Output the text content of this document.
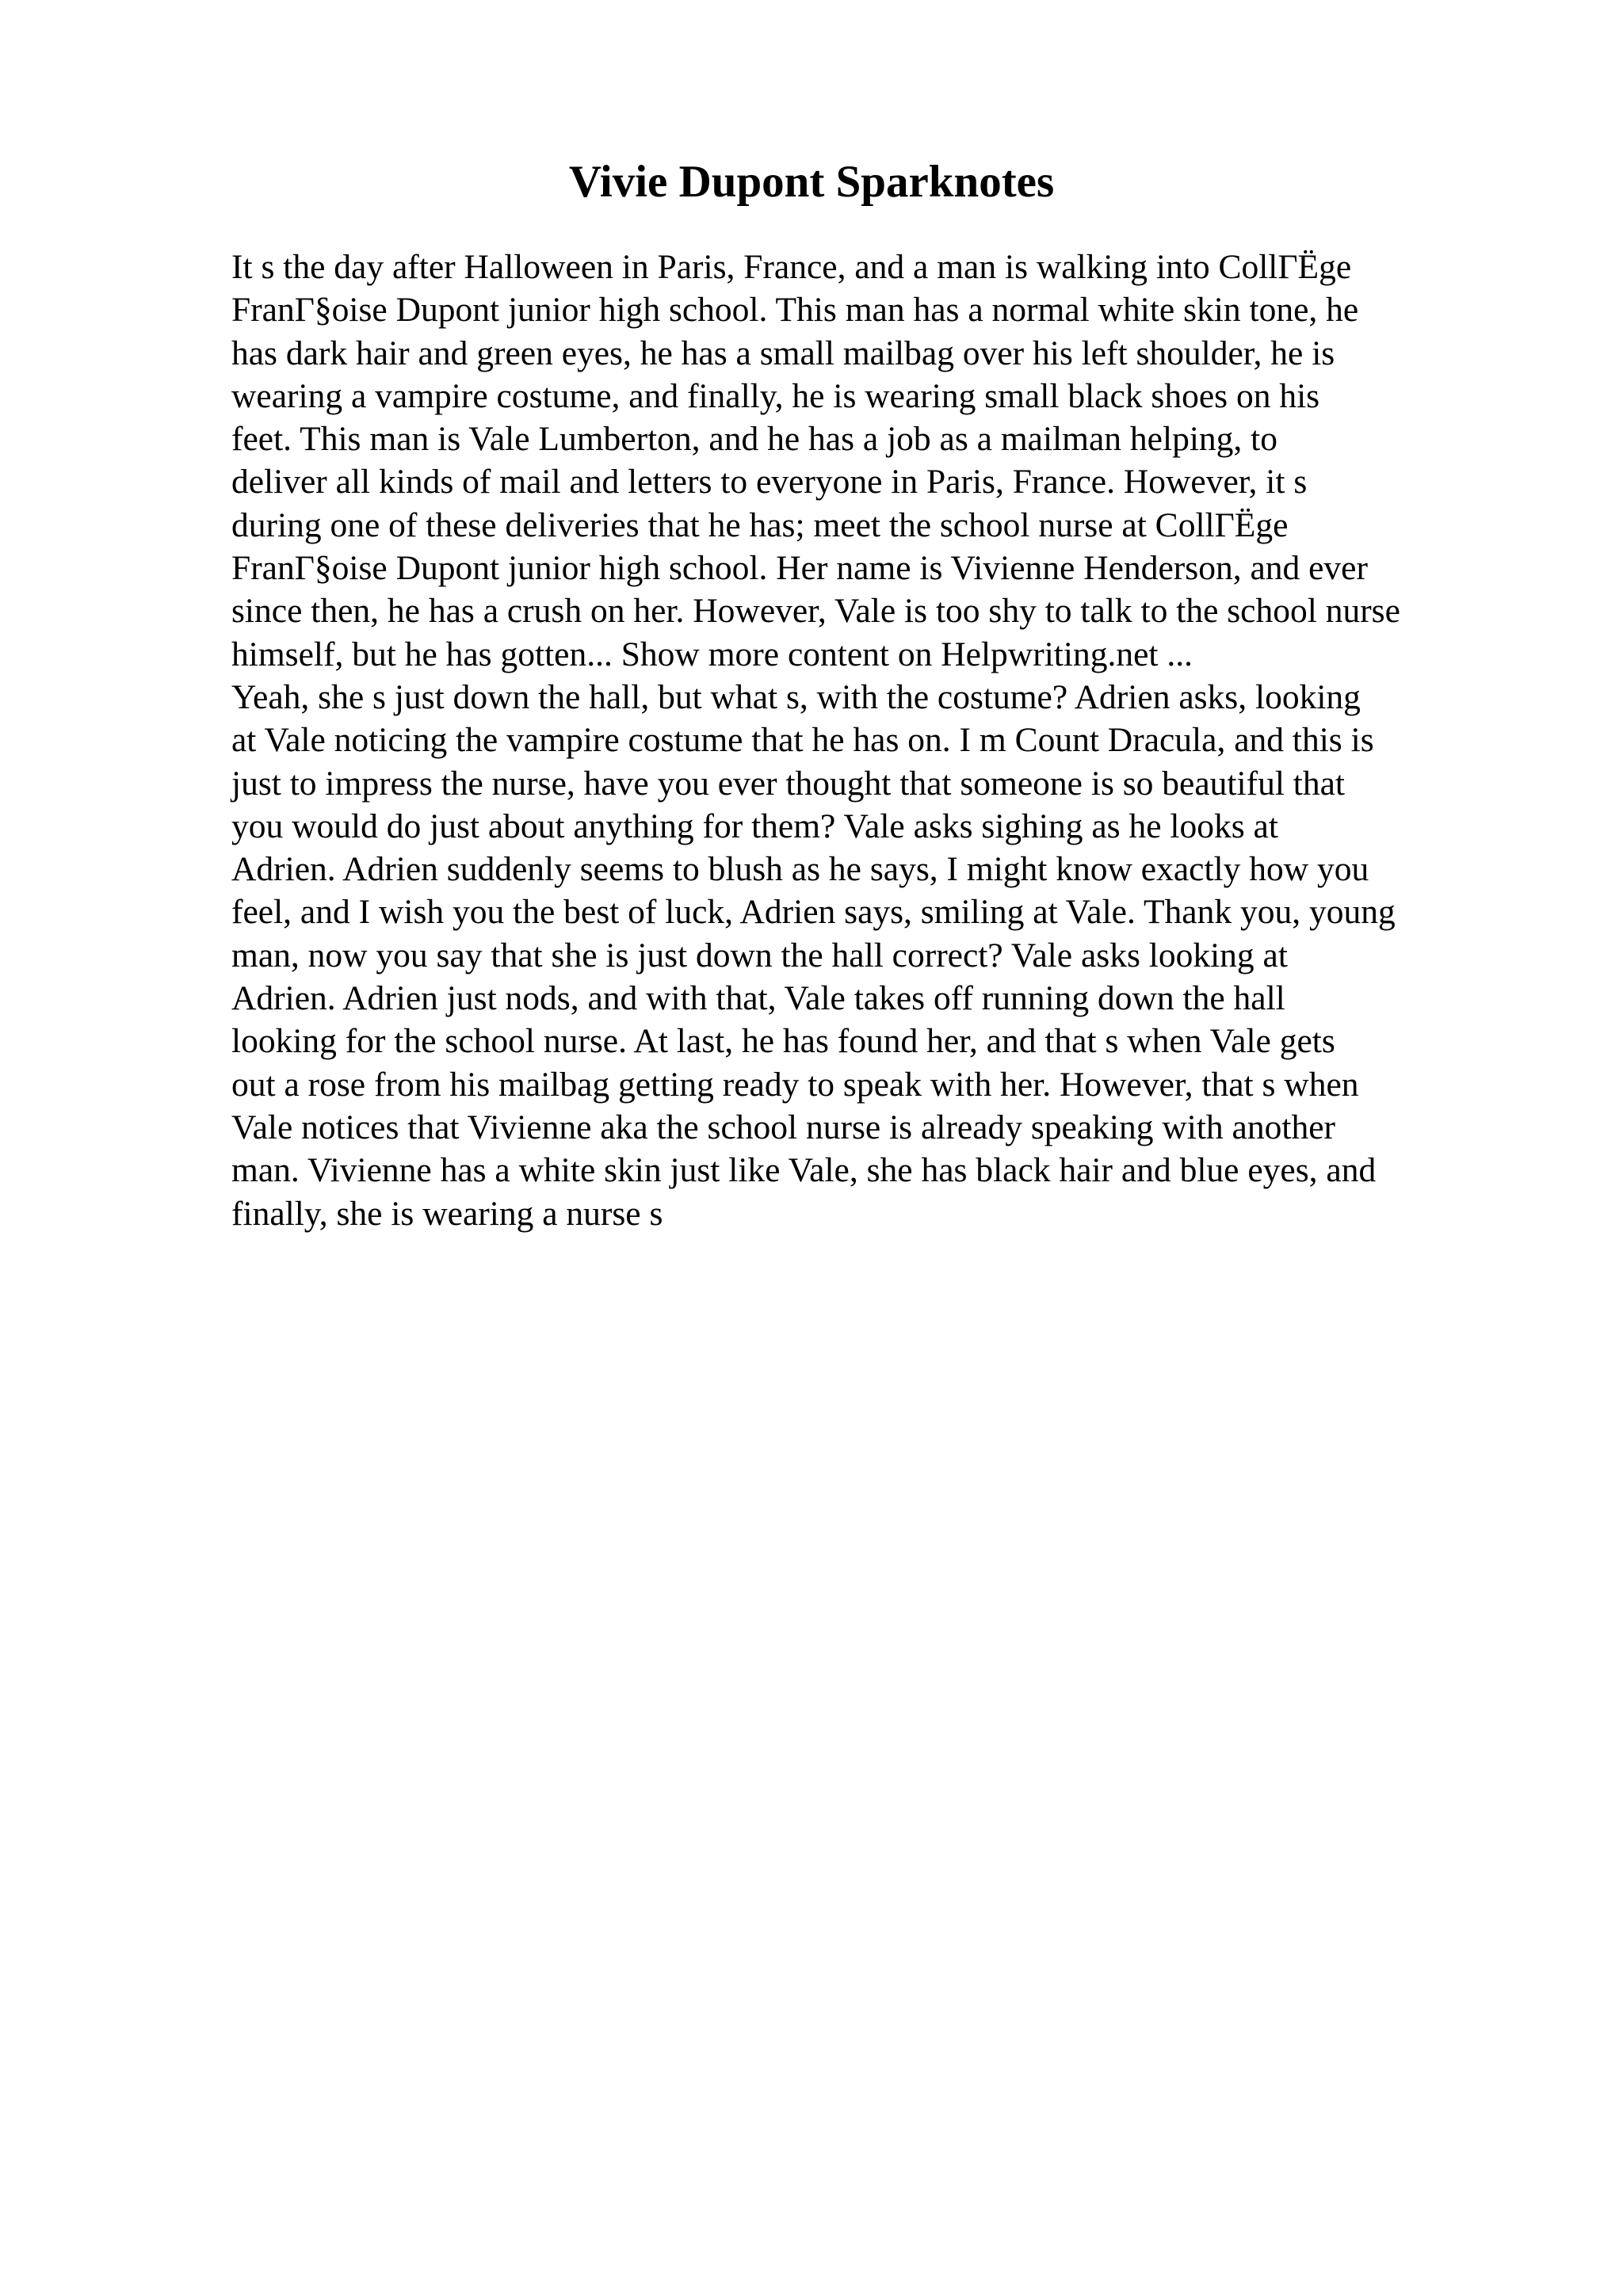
Vivie Dupont Sparknotes
It s the day after Halloween in Paris, France, and a man is walking into CollΓËge
FranΓ§oise Dupont junior high school. This man has a normal white skin tone, he
has dark hair and green eyes, he has a small mailbag over his left shoulder, he is
wearing a vampire costume, and finally, he is wearing small black shoes on his
feet. This man is Vale Lumberton, and he has a job as a mailman helping, to
deliver all kinds of mail and letters to everyone in Paris, France. However, it s
during one of these deliveries that he has; meet the school nurse at CollΓËge
FranΓ§oise Dupont junior high school. Her name is Vivienne Henderson, and ever
since then, he has a crush on her. However, Vale is too shy to talk to the school nurse
himself, but he has gotten... Show more content on Helpwriting.net ...
Yeah, she s just down the hall, but what s, with the costume? Adrien asks, looking
at Vale noticing the vampire costume that he has on. I m Count Dracula, and this is
just to impress the nurse, have you ever thought that someone is so beautiful that
you would do just about anything for them? Vale asks sighing as he looks at
Adrien. Adrien suddenly seems to blush as he says, I might know exactly how you
feel, and I wish you the best of luck, Adrien says, smiling at Vale. Thank you, young
man, now you say that she is just down the hall correct? Vale asks looking at
Adrien. Adrien just nods, and with that, Vale takes off running down the hall
looking for the school nurse. At last, he has found her, and that s when Vale gets
out a rose from his mailbag getting ready to speak with her. However, that s when
Vale notices that Vivienne aka the school nurse is already speaking with another
man. Vivienne has a white skin just like Vale, she has black hair and blue eyes, and
finally, she is wearing a nurse s
